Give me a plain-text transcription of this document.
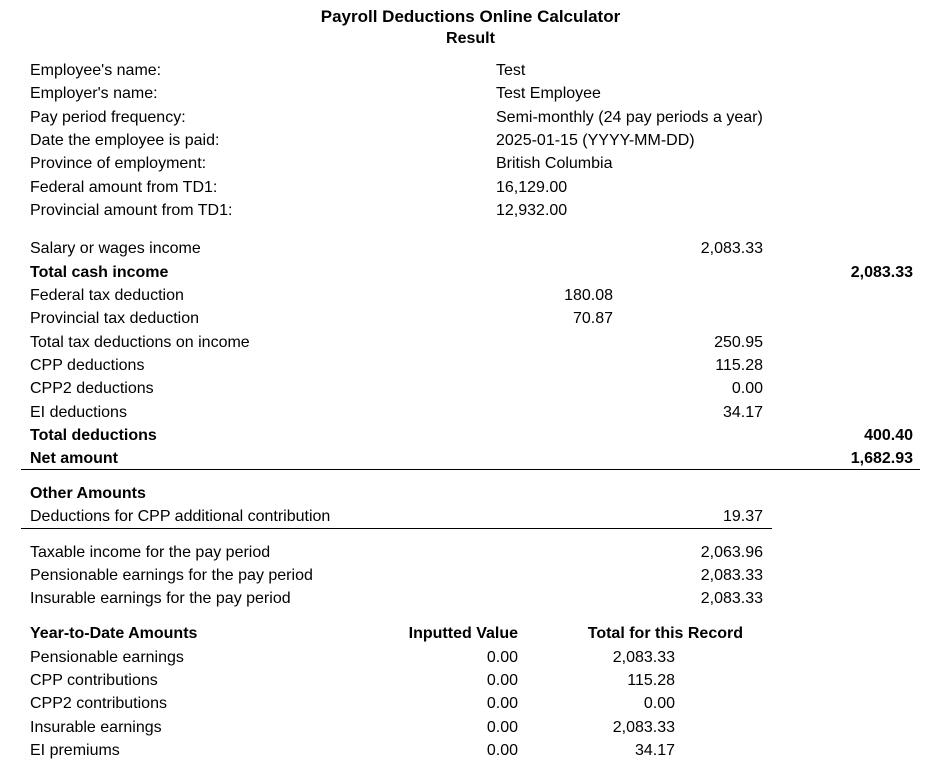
Payroll Deductions Online Calculator
Result
Employee's name:	Test
Employer's name:	Test Employee
Pay period frequency:	Semi-monthly (24 pay periods a year)
Date the employee is paid:	2025-01-15 (YYYY-MM-DD)
Province of employment:	British Columbia
Federal amount from TD1:	16,129.00
Provincial amount from TD1:	12,932.00
Salary or wages income	2,083.33
Total cash income	2,083.33
Federal tax deduction	180.08
Provincial tax deduction	70.87
Total tax deductions on income	250.95
CPP deductions	115.28
CPP2 deductions	0.00
EI deductions	34.17
Total deductions	400.40
Net amount	1,682.93
Other Amounts
Deductions for CPP additional contribution	19.37
Taxable income for the pay period	2,063.96
Pensionable earnings for the pay period	2,083.33
Insurable earnings for the pay period	2,083.33
Year-to-Date Amounts	Inputted Value	Total for this Record
Pensionable earnings	0.00	2,083.33
CPP contributions	0.00	115.28
CPP2 contributions	0.00	0.00
Insurable earnings	0.00	2,083.33
EI premiums	0.00	34.17
